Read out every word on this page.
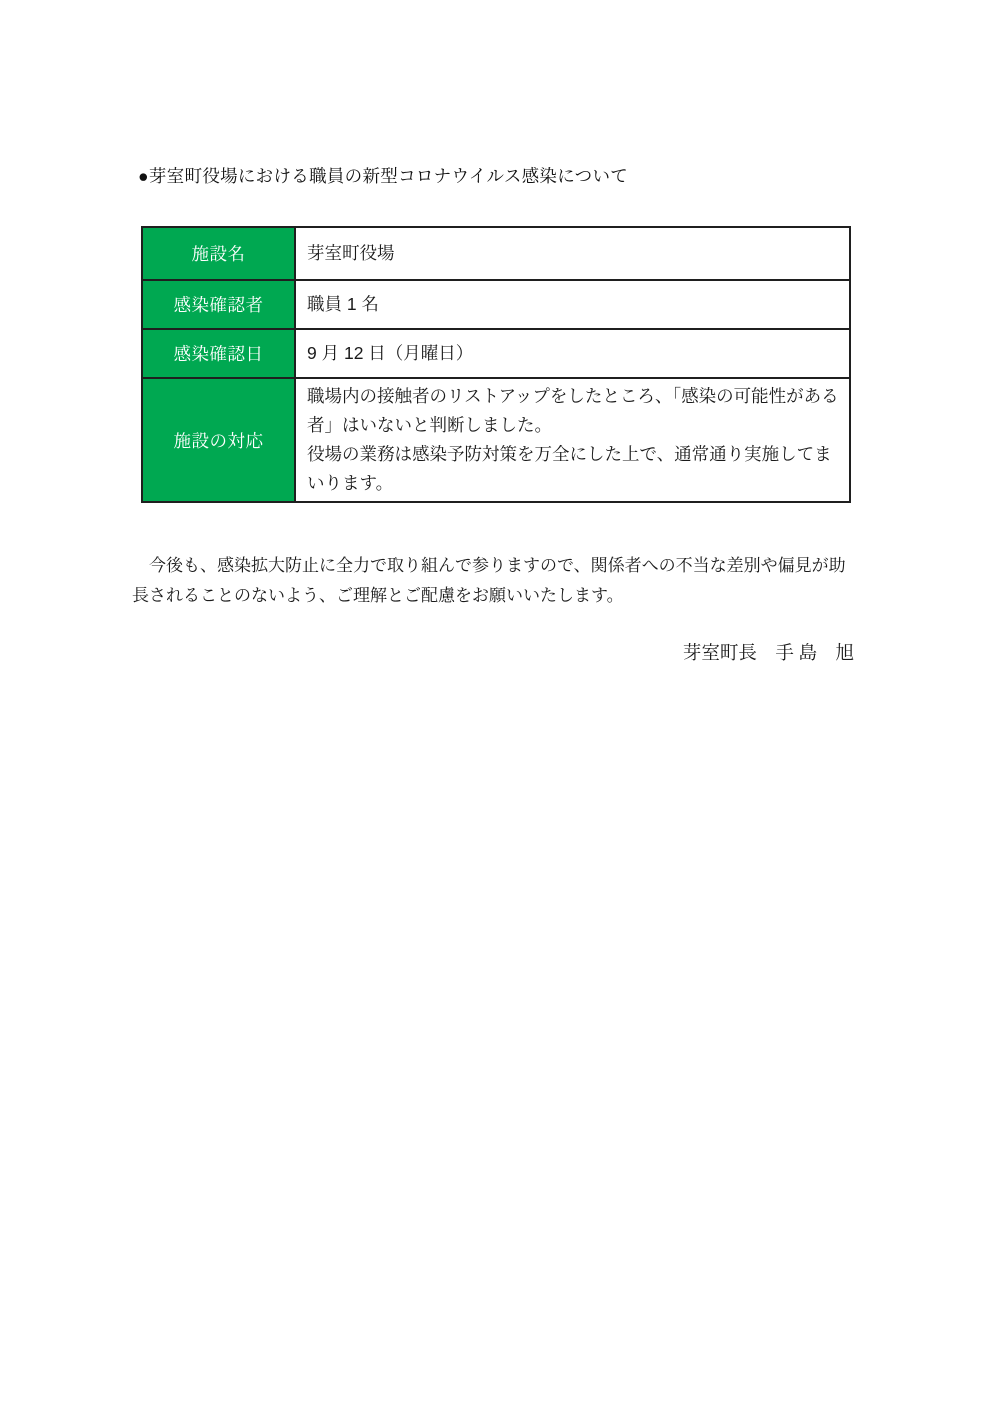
●芽室町役場における職員の新型コロナウイルス感染について
施設名	芽室町役場
感染確認者	職員 1 名
感染確認日	9 月 12 日（月曜日）
施設の対応	職場内の接触者のリストアップをしたところ、「感染の可能性がある者」はいないと判断しました。
役場の業務は感染予防対策を万全にした上で、通常通り実施してまいります。
　今後も、感染拡大防止に全力で取り組んで参りますので、関係者への不当な差別や偏見が助長されることのないよう、ご理解とご配慮をお願いいたします。
芽室町長　手 島　旭
